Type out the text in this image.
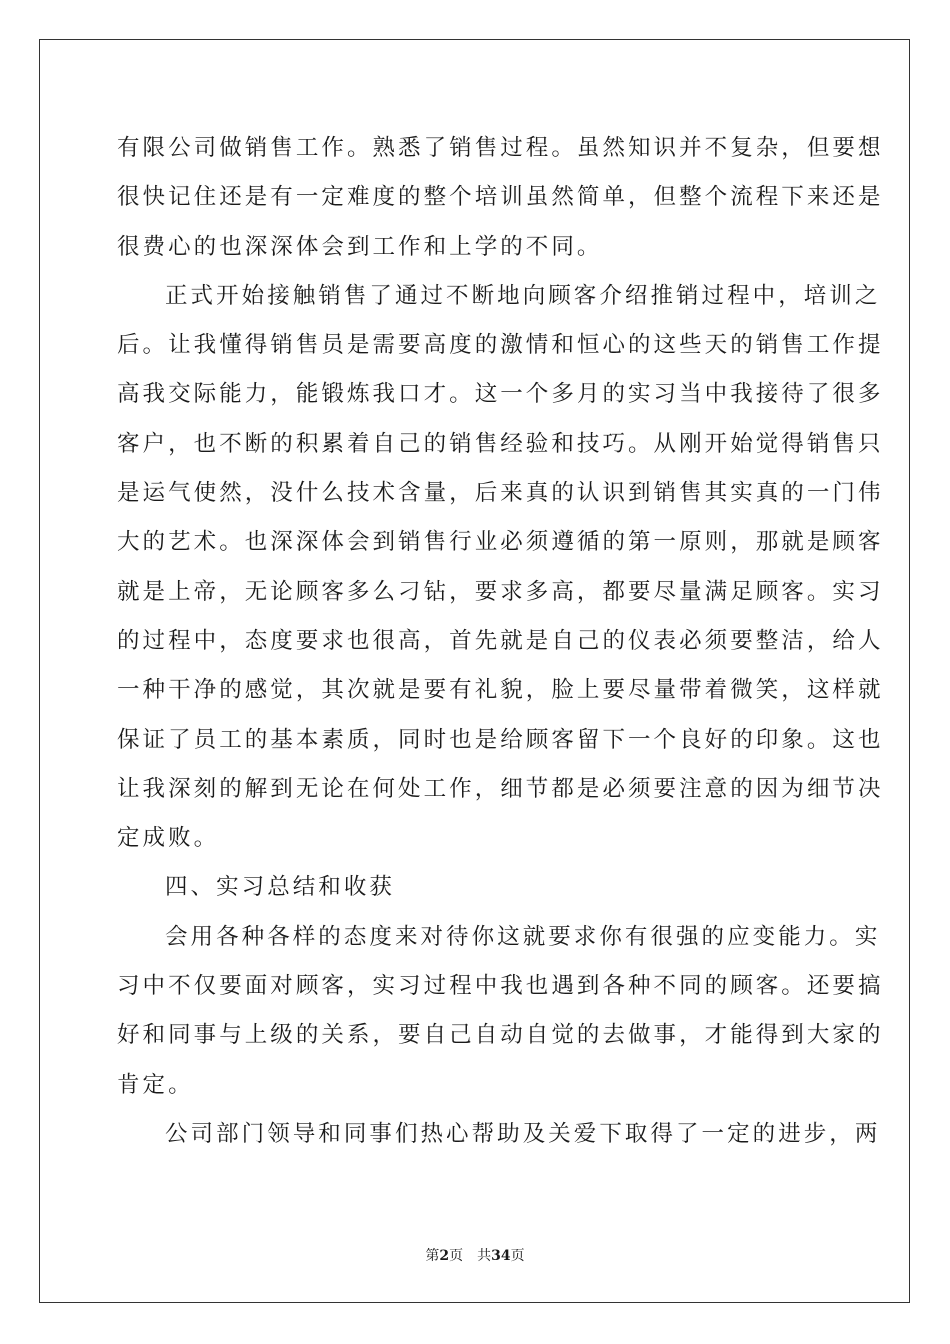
有限公司做销售工作。熟悉了销售过程。虽然知识并不复杂，但要想
很快记住还是有一定难度的整个培训虽然简单，但整个流程下来还是
很费心的也深深体会到工作和上学的不同。
正式开始接触销售了通过不断地向顾客介绍推销过程中，培训之
后。让我懂得销售员是需要高度的激情和恒心的这些天的销售工作提
高我交际能力，能锻炼我口才。这一个多月的实习当中我接待了很多
客户，也不断的积累着自己的销售经验和技巧。从刚开始觉得销售只
是运气使然，没什么技术含量，后来真的认识到销售其实真的一门伟
大的艺术。也深深体会到销售行业必须遵循的第一原则，那就是顾客
就是上帝，无论顾客多么刁钻，要求多高，都要尽量满足顾客。实习
的过程中，态度要求也很高，首先就是自己的仪表必须要整洁，给人
一种干净的感觉，其次就是要有礼貌，脸上要尽量带着微笑，这样就
保证了员工的基本素质，同时也是给顾客留下一个良好的印象。这也
让我深刻的解到无论在何处工作，细节都是必须要注意的因为细节决
定成败。
四、实习总结和收获
会用各种各样的态度来对待你这就要求你有很强的应变能力。实
习中不仅要面对顾客，实习过程中我也遇到各种不同的顾客。还要搞
好和同事与上级的关系，要自己自动自觉的去做事，才能得到大家的
肯定。
公司部门领导和同事们热心帮助及关爱下取得了一定的进步，两
第2页 共34页
